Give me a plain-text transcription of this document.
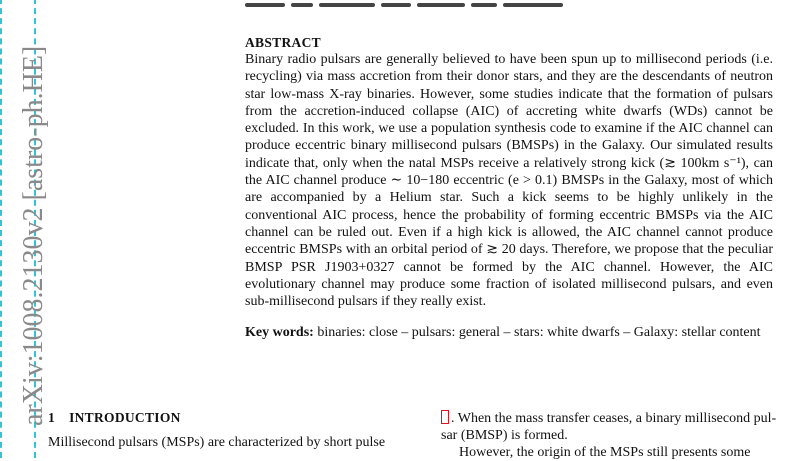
arXiv:1008.2130v2 [astro-ph.HE]

ABSTRACT

Binary radio pulsars are generally believed to have been spun up to millisecond periods (i.e. recycling) via mass accretion from their donor stars, and they are the descendants of neutron star low-mass X-ray binaries. However, some studies indicate that the formation of pulsars from the accretion-induced collapse (AIC) of accreting white dwarfs (WDs) cannot be excluded. In this work, we use a population synthesis code to examine if the AIC channel can produce eccentric binary millisecond pulsars (BMSPs) in the Galaxy. Our simulated results indicate that, only when the natal MSPs receive a relatively strong kick (≳ 100km s⁻¹), can the AIC channel produce ∼ 10−180 eccentric (e > 0.1) BMSPs in the Galaxy, most of which are accompanied by a Helium star. Such a kick seems to be highly unlikely in the conventional AIC process, hence the probability of forming eccentric BMSPs via the AIC channel can be ruled out. Even if a high kick is allowed, the AIC channel cannot produce eccentric BMSPs with an orbital period of ≳ 20 days. Therefore, we propose that the peculiar BMSP PSR J1903+0327 cannot be formed by the AIC channel. However, the AIC evolutionary channel may produce some fraction of isolated millisecond pulsars, and even sub-millisecond pulsars if they really exist.

Key words: binaries: close – pulsars: general – stars: white dwarfs – Galaxy: stellar content

1 INTRODUCTION

Millisecond pulsars (MSPs) are characterized by short pulse
. When the mass transfer ceases, a binary millisecond pul-
sar (BMSP) is formed.
However, the origin of the MSPs still presents some
